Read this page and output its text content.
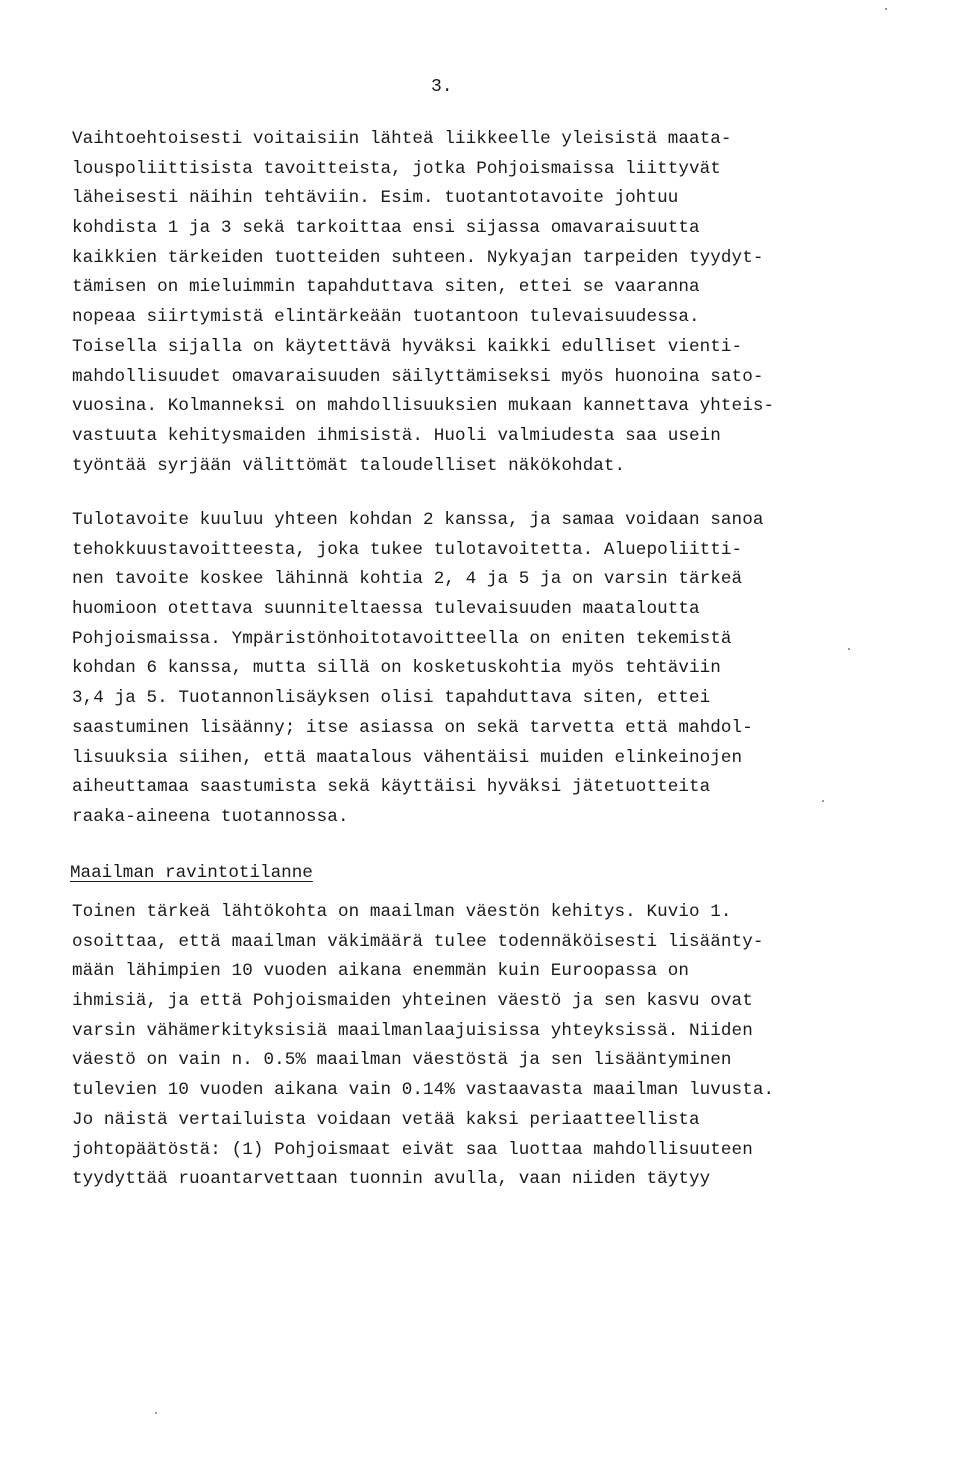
3.
Vaihtoehtoisesti voitaisiin lähteä liikkeelle yleisistä maata-
louspoliittisista tavoitteista, jotka Pohjoismaissa liittyvät
läheisesti näihin tehtäviin. Esim. tuotantotavoite johtuu
kohdista 1 ja 3 sekä tarkoittaa ensi sijassa omavaraisuutta
kaikkien tärkeiden tuotteiden suhteen. Nykyajan tarpeiden tyydyt-
tämisen on mieluimmin tapahduttava siten, ettei se vaaranna
nopeaa siirtymistä elintärkeään tuotantoon tulevaisuudessa.
Toisella sijalla on käytettävä hyväksi kaikki edulliset vienti-
mahdollisuudet omavaraisuuden säilyttämiseksi myös huonoina sato-
vuosina. Kolmanneksi on mahdollisuuksien mukaan kannettava yhteis-
vastuuta kehitysmaiden ihmisistä. Huoli valmiudesta saa usein
työntää syrjään välittömät taloudelliset näkökohdat.
Tulotavoite kuuluu yhteen kohdan 2 kanssa, ja samaa voidaan sanoa
tehokkuustavoitteesta, joka tukee tulotavoitetta. Aluepoliitti-
nen tavoite koskee lähinnä kohtia 2, 4 ja 5 ja on varsin tärkeä
huomioon otettava suunniteltaessa tulevaisuuden maataloutta
Pohjoismaissa. Ympäristönhoitotavoitteella on eniten tekemistä
kohdan 6 kanssa, mutta sillä on kosketuskohtia myös tehtäviin
3,4 ja 5. Tuotannonlisäyksen olisi tapahduttava siten, ettei
saastuminen lisäänny; itse asiassa on sekä tarvetta että mahdol-
lisuuksia siihen, että maatalous vähentäisi muiden elinkeinojen
aiheuttamaa saastumista sekä käyttäisi hyväksi jätetuotteita
raaka-aineena tuotannossa.
Maailman ravintotilanne
Toinen tärkeä lähtökohta on maailman väestön kehitys. Kuvio 1.
osoittaa, että maailman väkimäärä tulee todennäköisesti lisäänty-
mään lähimpien 10 vuoden aikana enemmän kuin Euroopassa on
ihmisiä, ja että Pohjoismaiden yhteinen väestö ja sen kasvu ovat
varsin vähämerkityksisiä maailmanlaajuisissa yhteyksissä. Niiden
väestö on vain n. 0.5% maailman väestöstä ja sen lisääntyminen
tulevien 10 vuoden aikana vain 0.14% vastaavasta maailman luvusta.
Jo näistä vertailuista voidaan vetää kaksi periaatteellista
johtopäätöstä: (1) Pohjoismaat eivät saa luottaa mahdollisuuteen
tyydyttää ruoantarvettaan tuonnin avulla, vaan niiden täytyy
